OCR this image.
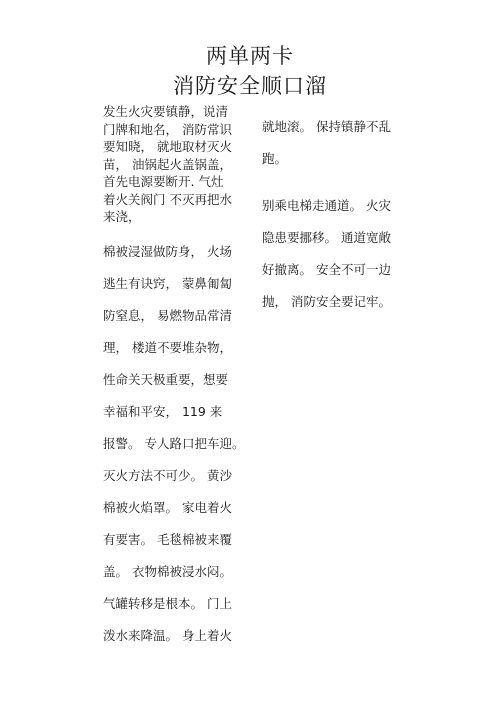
两单两卡
消防安全顺口溜
发生火灾要镇静，说清
门牌和地名， 消防常识
要知晓， 就地取材灭火
苗， 油锅起火盖锅盖，
首先电源要断开. 气灶
着火关阀门 不灭再把水
来浇，
棉被浸湿做防身， 火场
逃生有诀窍， 蒙鼻匍匐
防窒息， 易燃物品常清
理， 楼道不要堆杂物，
性命关天极重要，想要
幸福和平安， 119 来
报警。 专人路口把车迎。
灭火方法不可少。 黄沙
棉被火焰罩。 家电着火
有要害。 毛毯棉被来覆
盖。 衣物棉被浸水闷。
气罐转移是根本。 门上
泼水来降温。 身上着火
就地滚。 保持镇静不乱
跑。
别乘电梯走通道。 火灾
隐患要挪移。 通道宽敞
好撤离。 安全不可一边
抛， 消防安全要记牢。
